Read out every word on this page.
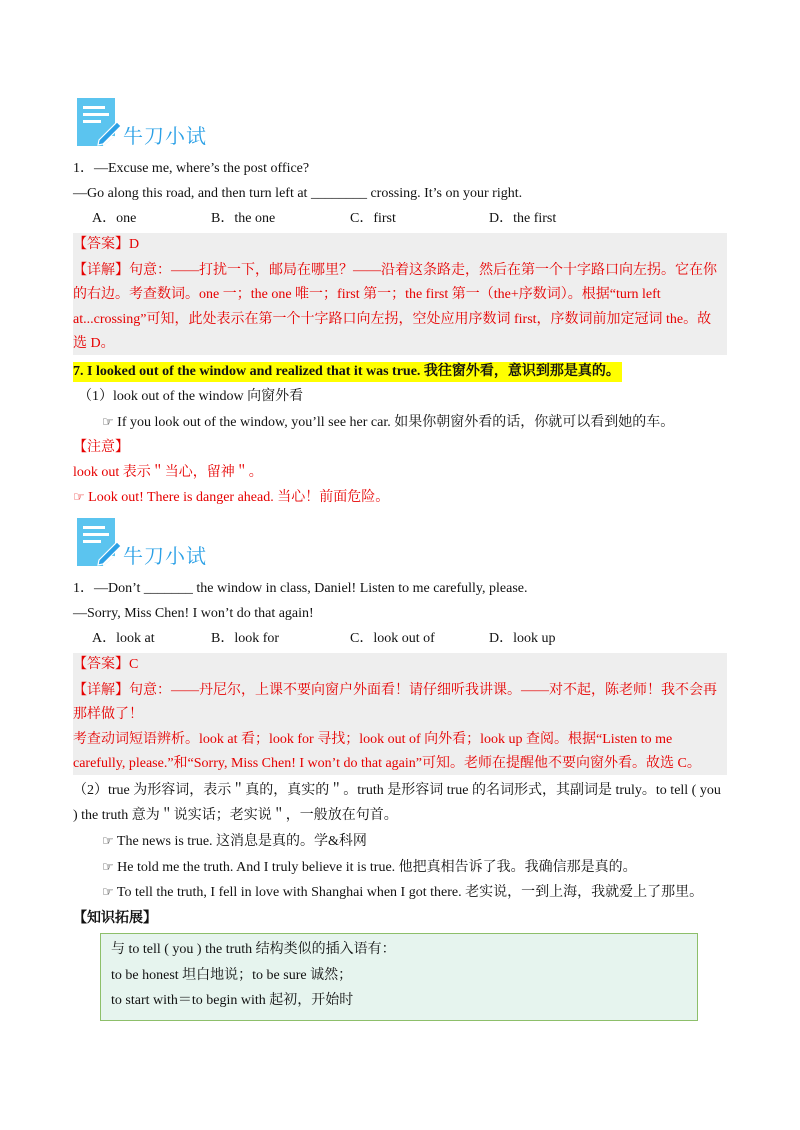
牛刀小试
1．—Excuse me, where’s the post office?
—Go along this road, and then turn left at ________ crossing. It’s on your right.
A．one	B．the one	C．first	D．the first
【答案】D
【详解】句意：——打扰一下，邮局在哪里？——沿着这条路走，然后在第一个十字路口向左拐。它在你
的右边。考查数词。one 一；the one 唯一；first 第一；the first 第一（the+序数词）。根据“turn left
at...crossing”可知，此处表示在第一个十字路口向左拐，空处应用序数词 first，序数词前加定冠词 the。故
选 D。
7. I looked out of the window and realized that it was true. 我往窗外看，意识到那是真的。
（1）look out of the window 向窗外看
☞ If you look out of the window, you’ll see her car. 如果你朝窗外看的话，你就可以看到她的车。
【注意】
look out 表示＂当心，留神＂。
☞ Look out! There is danger ahead. 当心！前面危险。
牛刀小试
1．—Don’t _______ the window in class, Daniel! Listen to me carefully, please.
—Sorry, Miss Chen! I won’t do that again!
A．look at	B．look for	C．look out of	D．look up
【答案】C
【详解】句意：——丹尼尔，上课不要向窗户外面看！请仔细听我讲课。——对不起，陈老师！我不会再
那样做了！
考查动词短语辨析。look at 看；look for 寻找；look out of 向外看；look up 查阅。根据“Listen to me
carefully, please.”和“Sorry, Miss Chen! I won’t do that again”可知。老师在提醒他不要向窗外看。故选 C。
（2）true 为形容词，表示＂真的，真实的＂。truth 是形容词 true 的名词形式，其副词是 truly。to tell ( you
) the truth 意为＂说实话；老实说＂，一般放在句首。
☞ The news is true. 这消息是真的。学&科网
☞ He told me the truth. And I truly believe it is true. 他把真相告诉了我。我确信那是真的。
☞ To tell the truth, I fell in love with Shanghai when I got there. 老实说，一到上海，我就爱上了那里。
【知识拓展】
与 to tell ( you ) the truth 结构类似的插入语有：
to be honest 坦白地说；to be sure 诚然；
to start with＝to begin with 起初，开始时
